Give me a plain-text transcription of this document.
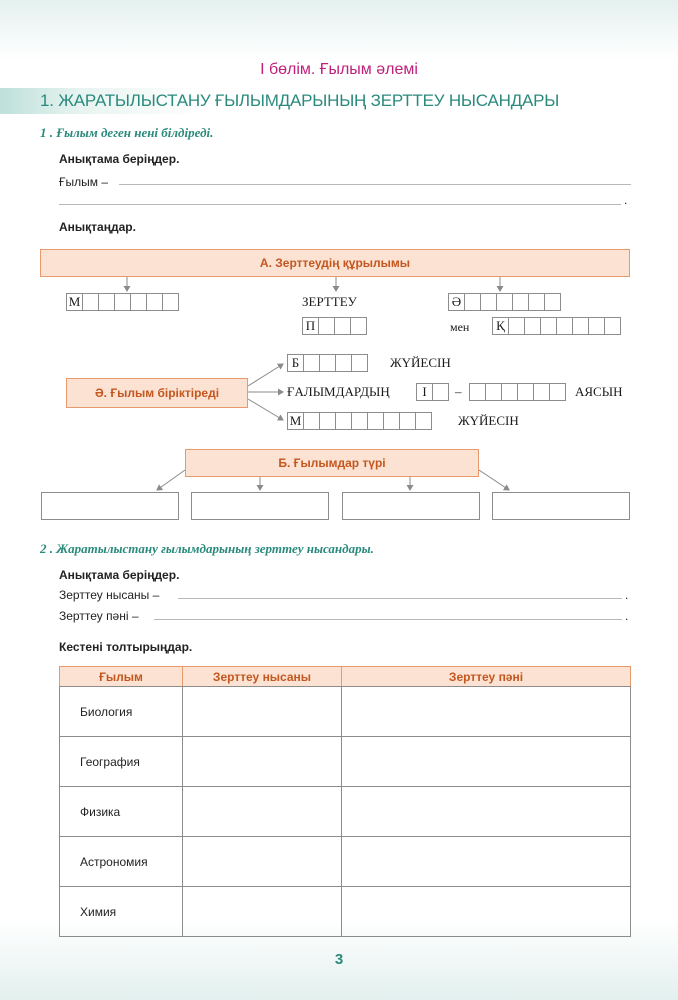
І бөлім. Ғылым әлемі
1. ЖАРАТЫЛЫСТАНУ ҒЫЛЫМДАРЫНЫҢ ЗЕРТТЕУ НЫСАНДАРЫ
1 . Ғылым деген нені білдіреді.
Анықтама беріңдер.
Ғылым –
.
Анықтаңдар.
А. Зерттеудің құрылымы
М	ЗЕРТТЕУ	Ә
П	мен	Қ
Ә. Ғылым біріктіреді
Б	ЖҮЙЕСІН
ҒАЛЫМДАРДЫҢ	І	–	АЯСЫН
М	ЖҮЙЕСІН
Б. Ғылымдар түрі
2 . Жаратылыстану ғылымдарының зерттеу нысандары.
Анықтама беріңдер.
Зерттеу нысаны –	.
Зерттеу пәні –	.
Кестені толтырыңдар.
Ғылым	Зерттеу нысаны	Зерттеу пәні
Биология		
География		
Физика		
Астрономия		
Химия		
3
